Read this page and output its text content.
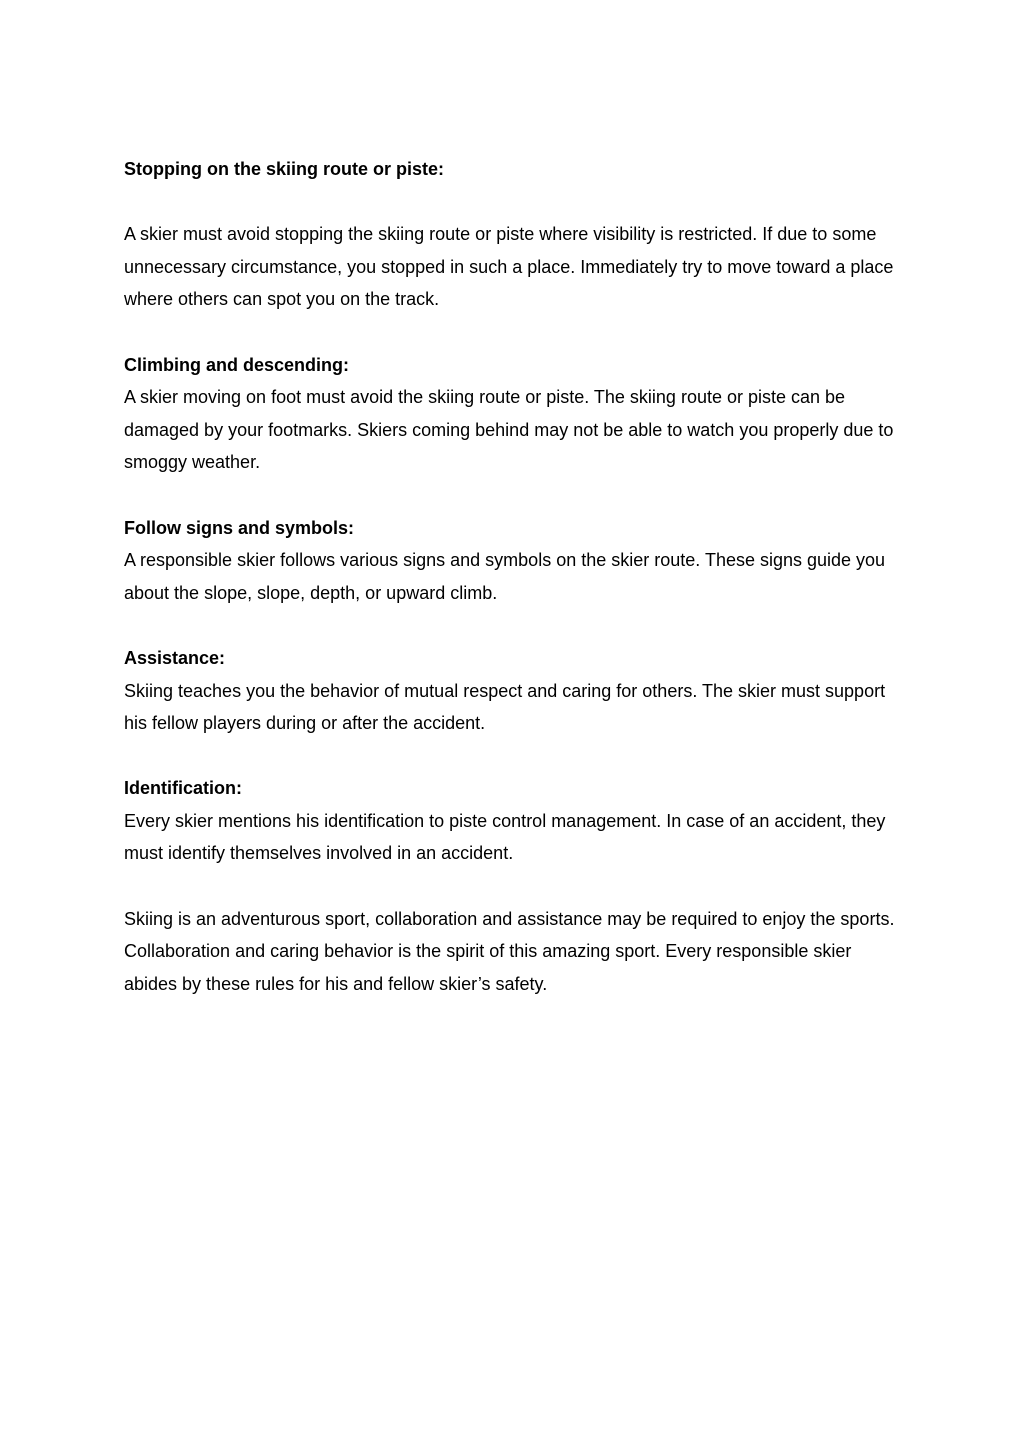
Stopping on the skiing route or piste:

A skier must avoid stopping the skiing route or piste where visibility is restricted. If due to some unnecessary circumstance, you stopped in such a place. Immediately try to move toward a place where others can spot you on the track.

Climbing and descending:

A skier moving on foot must avoid the skiing route or piste. The skiing route or piste can be damaged by your footmarks. Skiers coming behind may not be able to watch you properly due to smoggy weather.

Follow signs and symbols:

A responsible skier follows various signs and symbols on the skier route. These signs guide you about the slope, slope, depth, or upward climb.

Assistance:

Skiing teaches you the behavior of mutual respect and caring for others. The skier must support his fellow players during or after the accident.

Identification:

Every skier mentions his identification to piste control management. In case of an accident, they must identify themselves involved in an accident.

Skiing is an adventurous sport, collaboration and assistance may be required to enjoy the sports. Collaboration and caring behavior is the spirit of this amazing sport. Every responsible skier abides by these rules for his and fellow skier’s safety.
